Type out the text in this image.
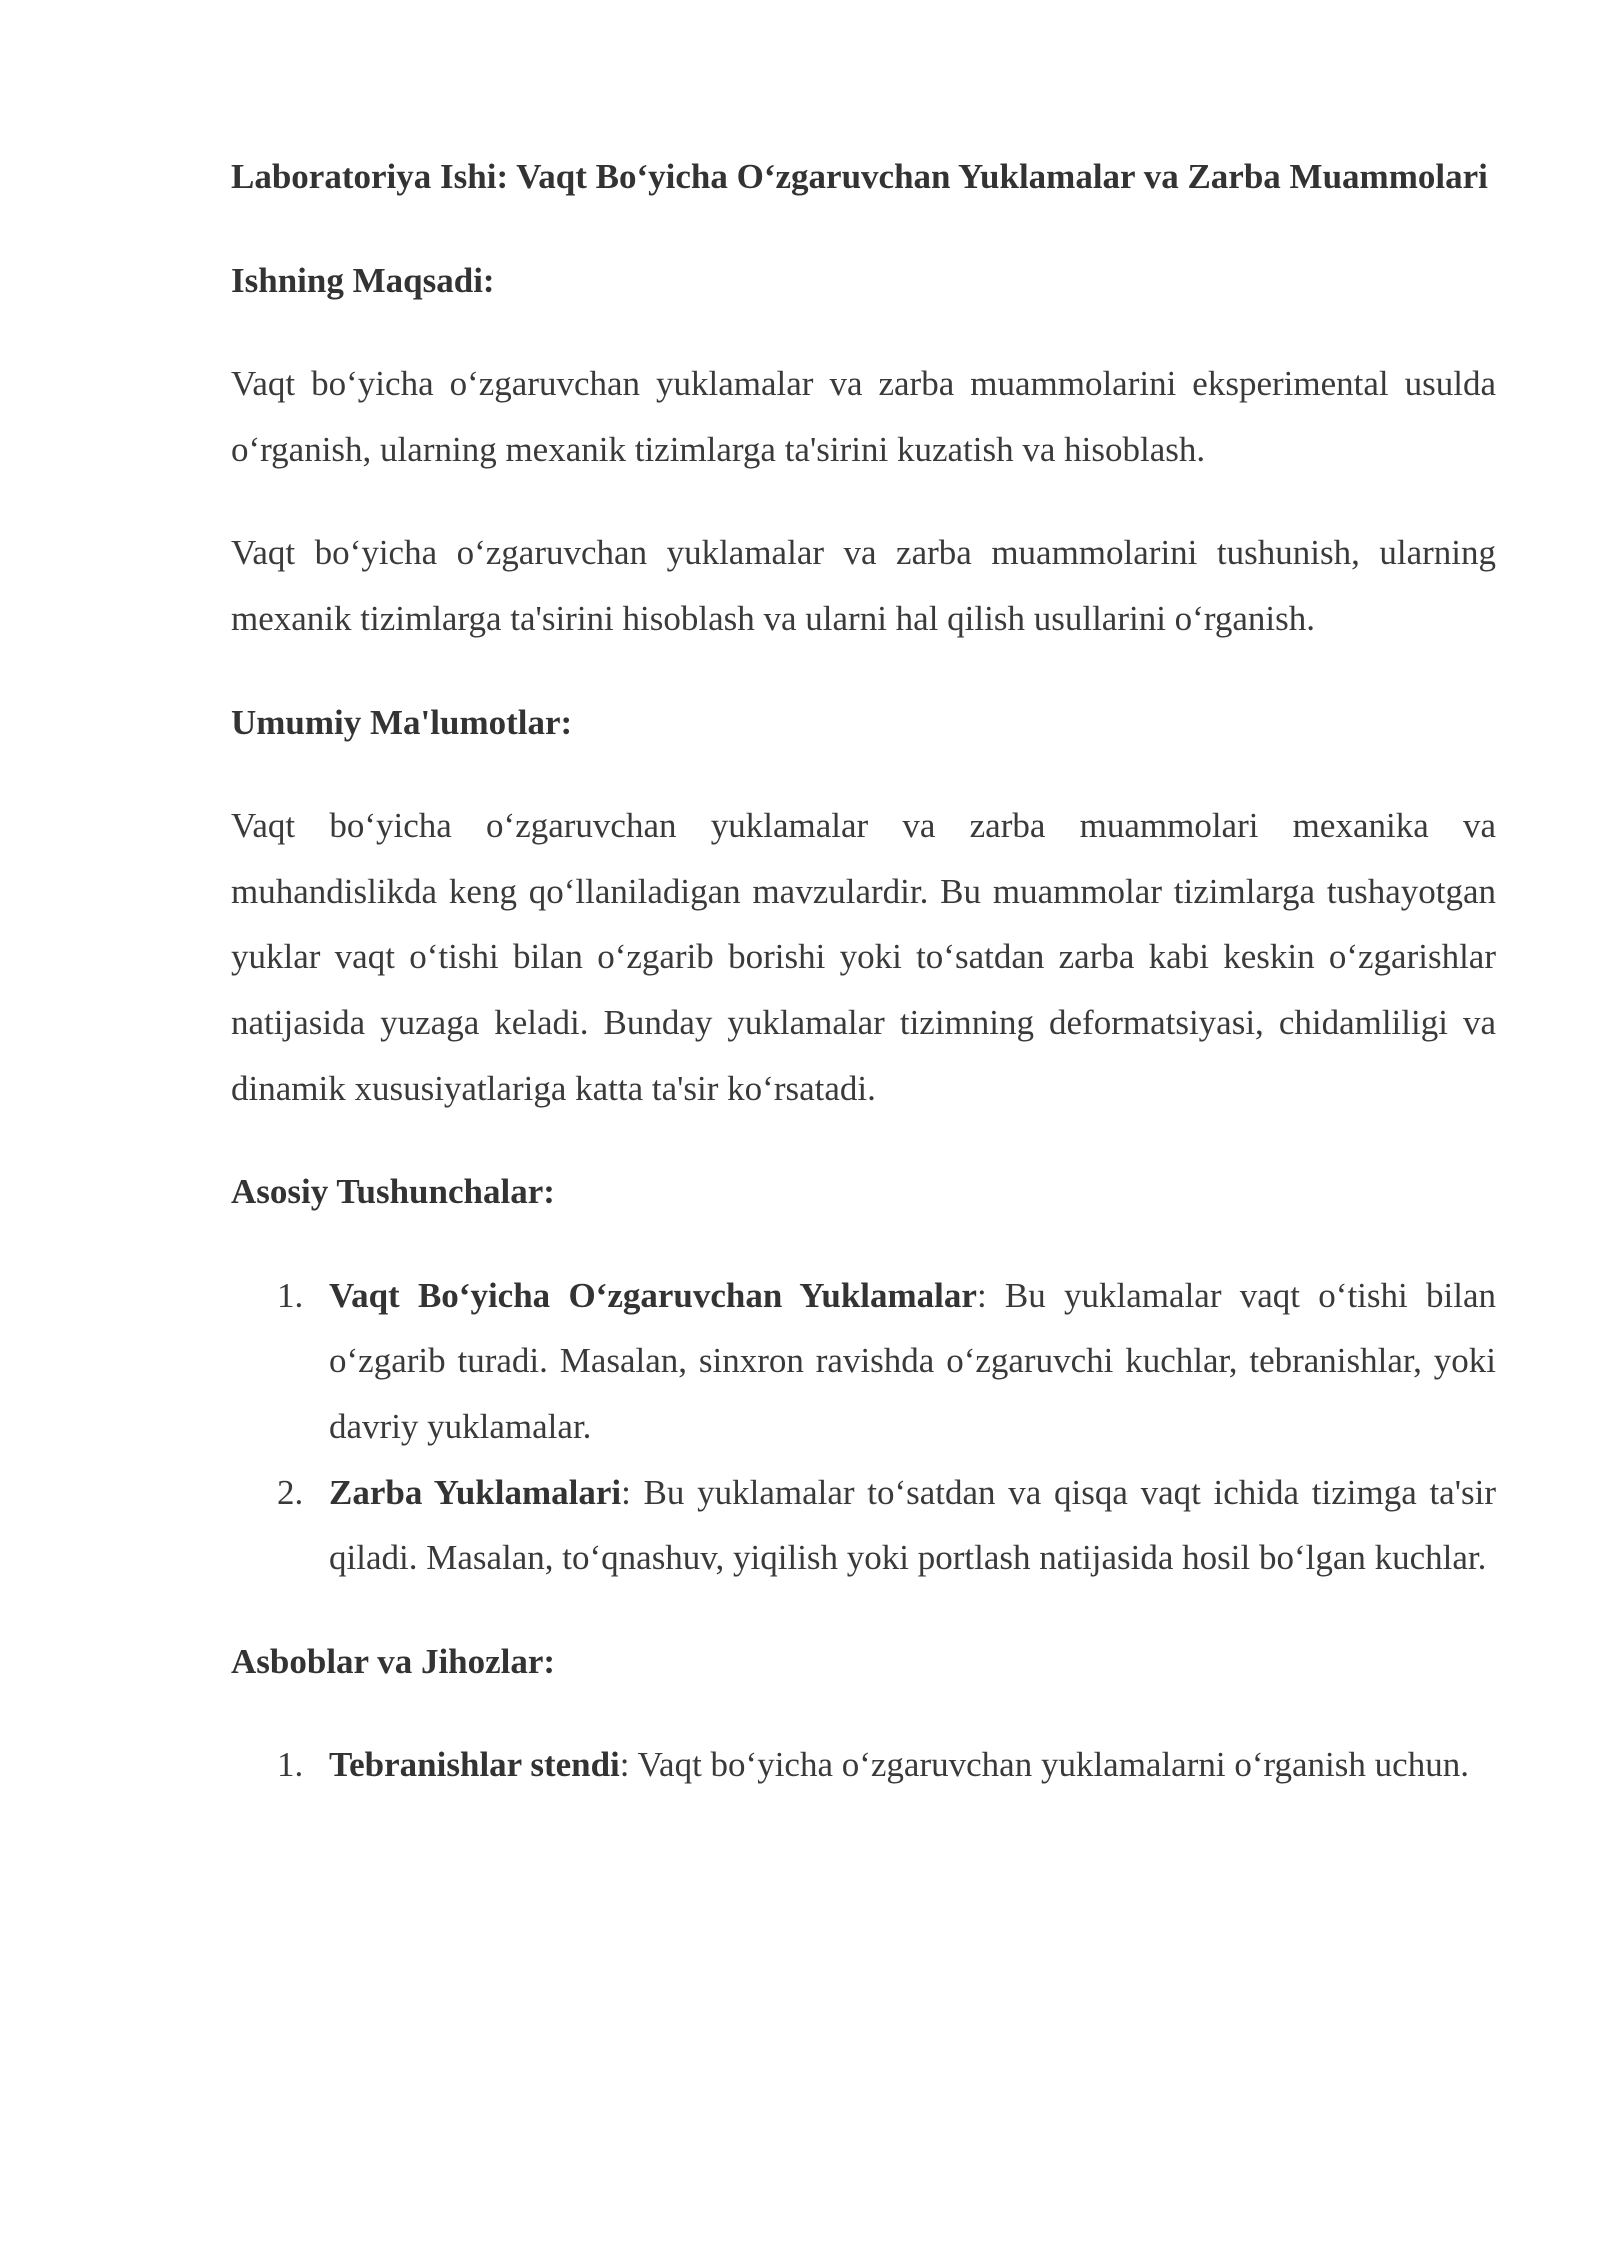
Laboratoriya Ishi: Vaqt Bo‘yicha O‘zgaruvchan Yuklamalar va Zarba Muammolari
Ishning Maqsadi:

Vaqt bo‘yicha o‘zgaruvchan yuklamalar va zarba muammolarini eksperimental usulda o‘rganish, ularning mexanik tizimlarga ta'sirini kuzatish va hisoblash.

Vaqt bo‘yicha o‘zgaruvchan yuklamalar va zarba muammolarini tushunish, ularning mexanik tizimlarga ta'sirini hisoblash va ularni hal qilish usullarini o‘rganish.

Umumiy Ma'lumotlar:

Vaqt bo‘yicha o‘zgaruvchan yuklamalar va zarba muammolari mexanika va muhandislikda keng qo‘llaniladigan mavzulardir. Bu muammolar tizimlarga tushayotgan yuklar vaqt o‘tishi bilan o‘zgarib borishi yoki to‘satdan zarba kabi keskin o‘zgarishlar natijasida yuzaga keladi. Bunday yuklamalar tizimning deformatsiyasi, chidamliligi va dinamik xususiyatlariga katta ta'sir ko‘rsatadi.

Asosiy Tushunchalar:
1. Vaqt Bo‘yicha O‘zgaruvchan Yuklamalar: Bu yuklamalar vaqt o‘tishi bilan o‘zgarib turadi. Masalan, sinxron ravishda o‘zgaruvchi kuchlar, tebranishlar, yoki davriy yuklamalar.
2. Zarba Yuklamalari: Bu yuklamalar to‘satdan va qisqa vaqt ichida tizimga ta'sir qiladi. Masalan, to‘qnashuv, yiqilish yoki portlash natijasida hosil bo‘lgan kuchlar.
Asboblar va Jihozlar:
1. Tebranishlar stendi: Vaqt bo‘yicha o‘zgaruvchan yuklamalarni o‘rganish uchun.
